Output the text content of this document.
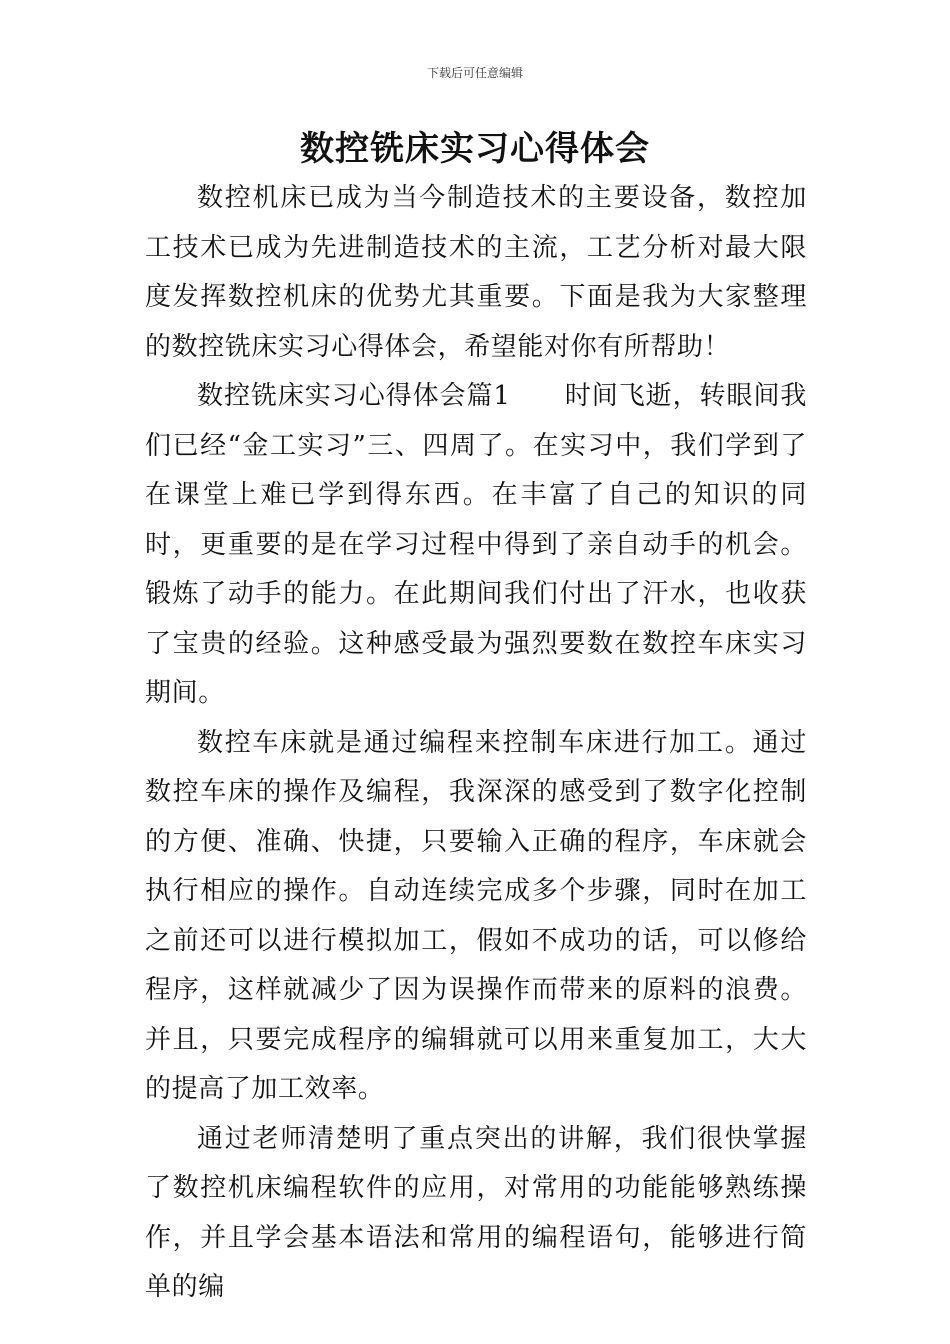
下载后可任意编辑
数控铣床实习心得体会

数控机床已成为当今制造技术的主要设备，数控加工技术已成为先进制造技术的主流，工艺分析对最大限度发挥数控机床的优势尤其重要。下面是我为大家整理的数控铣床实习心得体会，希望能对你有所帮助！

数控铣床实习心得体会篇1　　时间飞逝，转眼间我们已经“金工实习”三、四周了。在实习中，我们学到了在课堂上难已学到得东西。在丰富了自己的知识的同时，更重要的是在学习过程中得到了亲自动手的机会。锻炼了动手的能力。在此期间我们付出了汗水，也收获了宝贵的经验。这种感受最为强烈要数在数控车床实习期间。

数控车床就是通过编程来控制车床进行加工。通过数控车床的操作及编程，我深深的感受到了数字化控制的方便、准确、快捷，只要输入正确的程序，车床就会执行相应的操作。自动连续完成多个步骤，同时在加工之前还可以进行模拟加工，假如不成功的话，可以修给程序，这样就减少了因为误操作而带来的原料的浪费。并且，只要完成程序的编辑就可以用来重复加工，大大的提高了加工效率。

通过老师清楚明了重点突出的讲解，我们很快掌握了数控机床编程软件的应用，对常用的功能能够熟练操作，并且学会基本语法和常用的编程语句，能够进行简单的编
